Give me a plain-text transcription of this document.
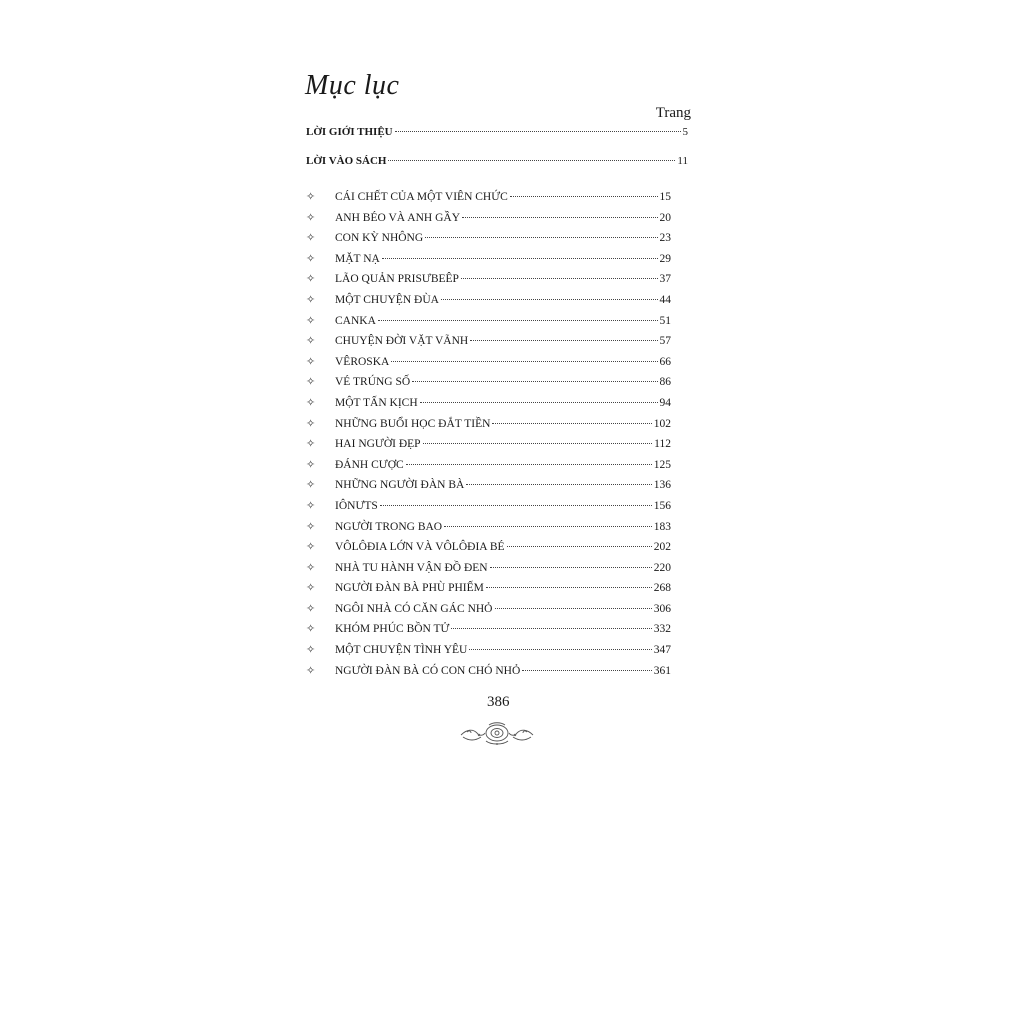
Mục lục
Trang
LỜI GIỚI THIỆU	5
LỜI VÀO SÁCH	11
✧	CÁI CHẾT CỦA MỘT VIÊN CHỨC	15
✧	ANH BÉO VÀ ANH GẦY	20
✧	CON KỲ NHÔNG	23
✧	MẶT NẠ	29
✧	LÃO QUẢN PRISƯBEÊP	37
✧	MỘT CHUYỆN ĐÙA	44
✧	CANKA	51
✧	CHUYỆN ĐỜI VẶT VÃNH	57
✧	VÊROSKA	66
✧	VÉ TRÚNG SỐ	86
✧	MỘT TẤN KỊCH	94
✧	NHỮNG BUỔI HỌC ĐẮT TIỀN	102
✧	HAI NGƯỜI ĐẸP	112
✧	ĐÁNH CƯỢC	125
✧	NHỮNG NGƯỜI ĐÀN BÀ	136
✧	IÔNƯTS	156
✧	NGƯỜI TRONG BAO	183
✧	VÔLÔĐIA LỚN VÀ VÔLÔĐIA BÉ	202
✧	NHÀ TU HÀNH VẬN ĐỒ ĐEN	220
✧	NGƯỜI ĐÀN BÀ PHÙ PHIẾM	268
✧	NGÔI NHÀ CÓ CĂN GÁC NHỎ	306
✧	KHÓM PHÚC BỒN TỬ	332
✧	MỘT CHUYỆN TÌNH YÊU	347
✧	NGƯỜI ĐÀN BÀ CÓ CON CHÓ NHỎ	361
386
